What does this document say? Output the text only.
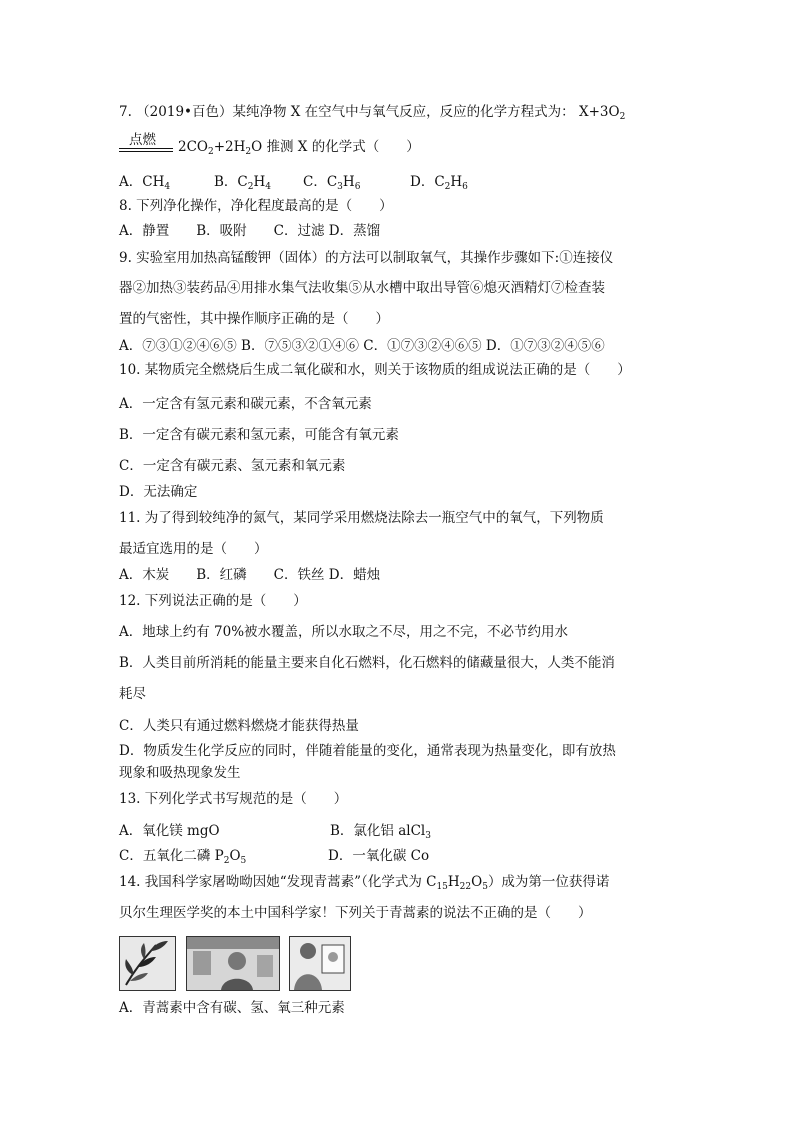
7. （2019•百色）某纯净物 X 在空气中与氧气反应，反应的化学方程式为： $X+3O_2$
点燃 $2CO_2+2H_2O$ 推测 X 的化学式（　　）
A．$CH_4$	B．$C_2H_4$ C．$C_3H_6$	D．$C_2H_6$
8. 下列净化操作，净化程度最高的是（　　）
A．静置　　B．吸附　　C．过滤 D．蒸馏
9. 实验室用加热高锰酸钾（固体）的方法可以制取氧气，其操作步骤如下:①连接仪
器②加热③装药品④用排水集气法收集⑤从水槽中取出导管⑥熄灭酒精灯⑦检查装
置的气密性，其中操作顺序正确的是（　　）
A．⑦③①②④⑥⑤ B．⑦⑤③②①④⑥ C．①⑦③②④⑥⑤ D．①⑦③②④⑤⑥
10. 某物质完全燃烧后生成二氧化碳和水，则关于该物质的组成说法正确的是（　　）
A．一定含有氢元素和碳元素，不含氧元素
B．一定含有碳元素和氢元素，可能含有氧元素
C．一定含有碳元素、氢元素和氧元素
D．无法确定
11. 为了得到较纯净的氮气，某同学采用燃烧法除去一瓶空气中的氧气，下列物质
最适宜选用的是（　　）
A．木炭　　B．红磷　　C．铁丝 D．蜡烛
12. 下列说法正确的是（　　）
A．地球上约有 70%被水覆盖，所以水取之不尽，用之不完，不必节约用水
B．人类目前所消耗的能量主要来自化石燃料，化石燃料的储藏量很大，人类不能消
耗尽
C．人类只有通过燃料燃烧才能获得热量
D．物质发生化学反应的同时，伴随着能量的变化，通常表现为热量变化，即有放热
现象和吸热现象发生
13. 下列化学式书写规范的是（　　）
A．氧化镁 mgO	B．氯化铝 alCl$_3$
C．五氧化二磷 $P_2O_5$	D．一氧化碳 Co
14. 我国科学家屠呦呦因她“发现青蒿素”（化学式为 $C_{15}H_{22}O_5$）成为第一位获得诺
贝尔生理医学奖的本土中国科学家！下列关于青蒿素的说法不正确的是（　　）
A．青蒿素中含有碳、氢、氧三种元素
